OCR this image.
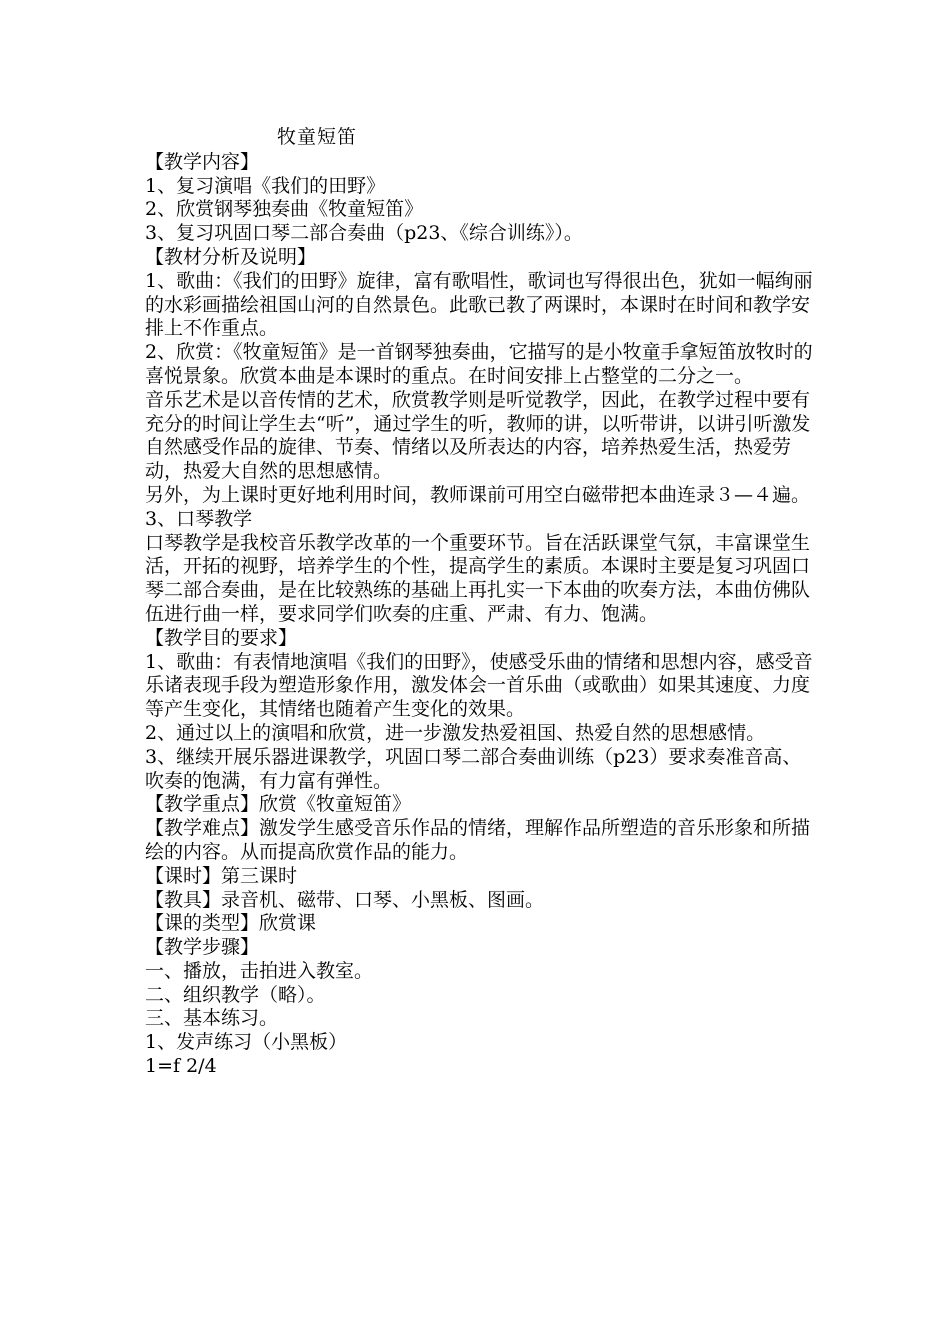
牧童短笛
【教学内容】
1、复习演唱《我们的田野》
2、欣赏钢琴独奏曲《牧童短笛》
3、复习巩固口琴二部合奏曲（p23、《综合训练》）。
【教材分析及说明】
1、歌曲：《我们的田野》旋律，富有歌唱性，歌词也写得很出色，犹如一幅绚丽的水彩画描绘祖国山河的自然景色。此歌已教了两课时，本课时在时间和教学安排上不作重点。
2、欣赏：《牧童短笛》是一首钢琴独奏曲，它描写的是小牧童手拿短笛放牧时的喜悦景象。欣赏本曲是本课时的重点。在时间安排上占整堂的二分之一。
音乐艺术是以音传情的艺术，欣赏教学则是听觉教学，因此，在教学过程中要有充分的时间让学生去“听”，通过学生的听，教师的讲，以听带讲，以讲引听激发自然感受作品的旋律、节奏、情绪以及所表达的内容，培养热爱生活，热爱劳动，热爱大自然的思想感情。
另外，为上课时更好地利用时间，教师课前可用空白磁带把本曲连录３—４遍。
3、口琴教学
口琴教学是我校音乐教学改革的一个重要环节。旨在活跃课堂气氛，丰富课堂生活，开拓的视野，培养学生的个性，提高学生的素质。本课时主要是复习巩固口琴二部合奏曲，是在比较熟练的基础上再扎实一下本曲的吹奏方法，本曲仿佛队伍进行曲一样，要求同学们吹奏的庄重、严肃、有力、饱满。
【教学目的要求】
1、歌曲：有表情地演唱《我们的田野》，使感受乐曲的情绪和思想内容，感受音乐诸表现手段为塑造形象作用，激发体会一首乐曲（或歌曲）如果其速度、力度等产生变化，其情绪也随着产生变化的效果。
2、通过以上的演唱和欣赏，进一步激发热爱祖国、热爱自然的思想感情。
3、继续开展乐器进课教学，巩固口琴二部合奏曲训练（p23）要求奏准音高、吹奏的饱满，有力富有弹性。
【教学重点】欣赏《牧童短笛》
【教学难点】激发学生感受音乐作品的情绪，理解作品所塑造的音乐形象和所描绘的内容。从而提高欣赏作品的能力。
【课时】第三课时
【教具】录音机、磁带、口琴、小黑板、图画。
【课的类型】欣赏课
【教学步骤】
一、播放，击拍进入教室。
二、组织教学（略）。
三、基本练习。
1、发声练习（小黑板）
1=f 2/4
